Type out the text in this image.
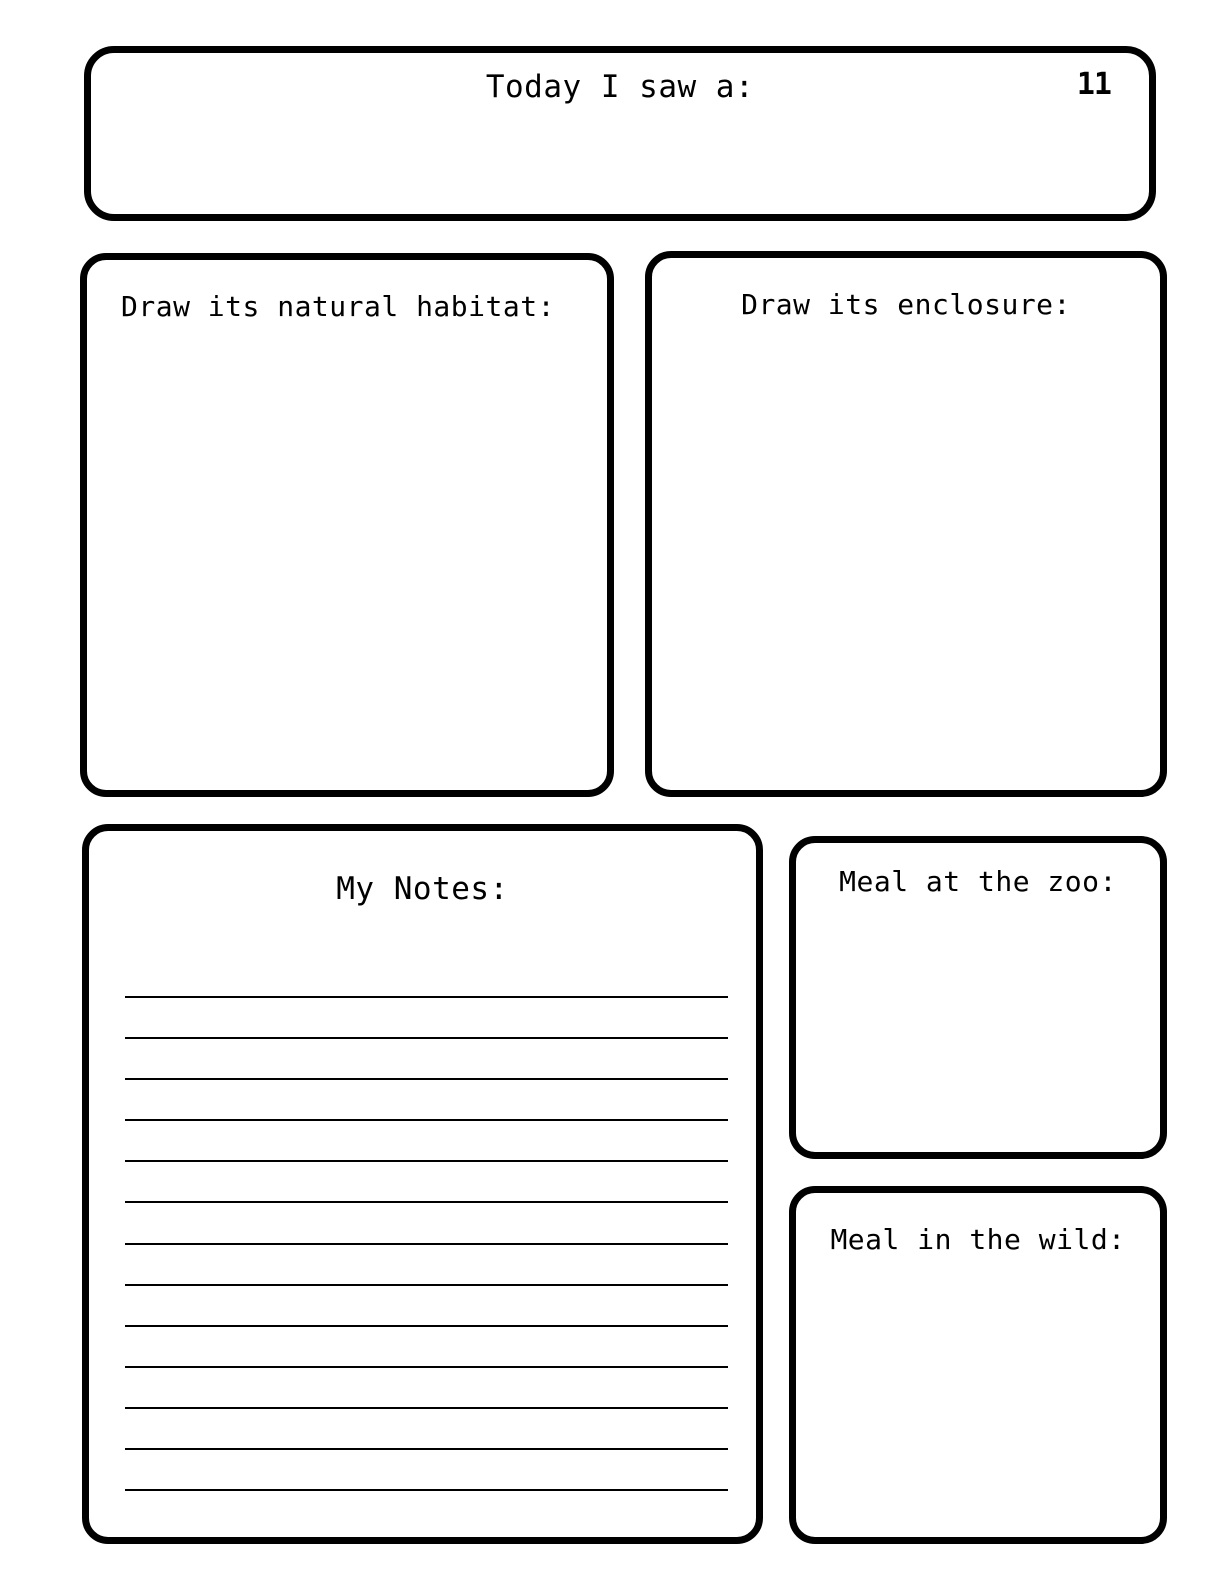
Today I saw a:	11
Draw its natural habitat:	Draw its enclosure:
My Notes:	Meal at the zoo:
Meal in the wild:
